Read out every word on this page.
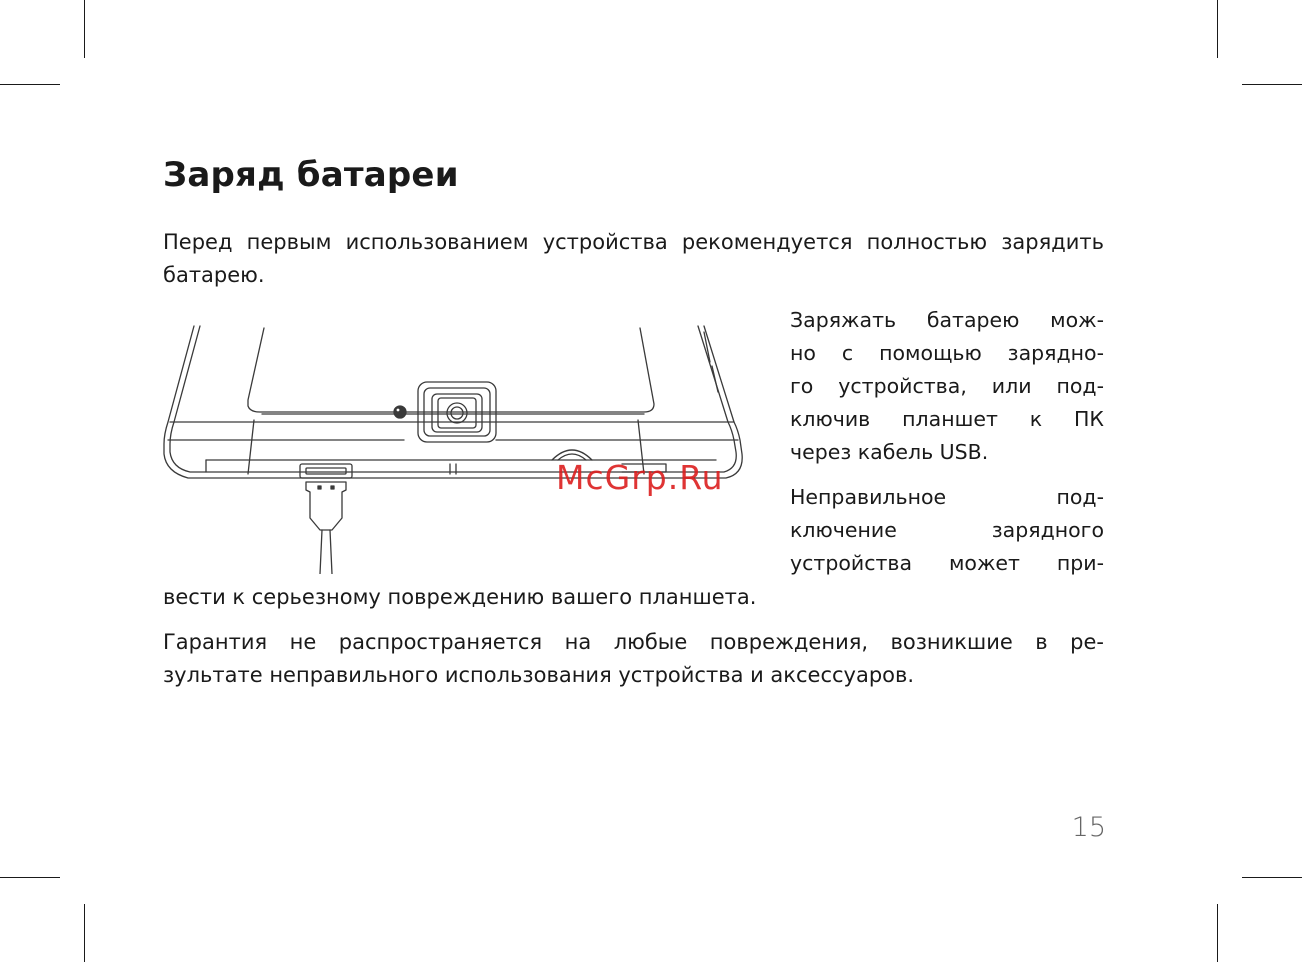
Заряд батареи

Перед первым использованием устройства рекомендуется полностью зарядить батарею.

Заряжать батарею мож-
но с помощью зарядно-
го устройства, или под-
ключив планшет к ПК
через кабель USB.

Неправильное под-
ключение зарядного
устройства может при-

вести к серьезному повреждению вашего планшета.

Гарантия не распространяется на любые повреждения, возникшие в ре-
зультате неправильного использования устройства и аксессуаров.

McGrp.Ru
15
